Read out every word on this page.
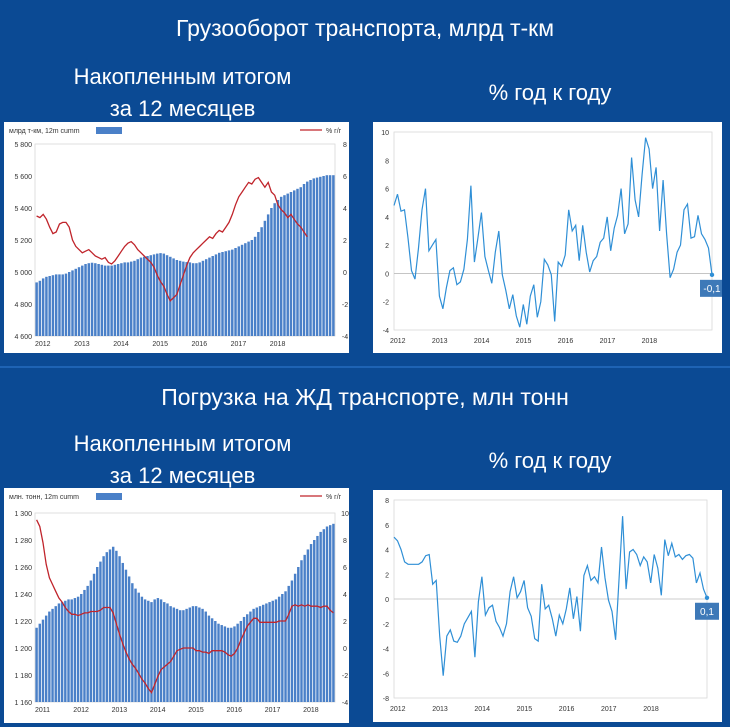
Грузооборот транспорта, млрд т-км
Накопленным итогом
за 12 месяцев
% год к году
млрд т-км, 12m cumm	% г/г
4 600
4 800
5 000
5 200
5 400
5 600
5 800
-4
-2
0
2
4
6
8
2012	2013	2014	2015	2016	2017	2018
-4
-2
0
2
4
6
8
10
2012	2013	2014	2015	2016	2017	2018
-0,1
Погрузка на ЖД транспорте, млн тонн
Накопленным итогом
за 12 месяцев
% год к году
млн. тонн, 12m cumm	% г/г
1 160
1 180
1 200
1 220
1 240
1 260
1 280
1 300
-4
-2
0
2
4
6
8
10
2011	2012	2013	2014	2015	2016	2017	2018
-8
-6
-4
-2
0
2
4
6
8
2012	2013	2014	2015	2016	2017	2018
0,1
